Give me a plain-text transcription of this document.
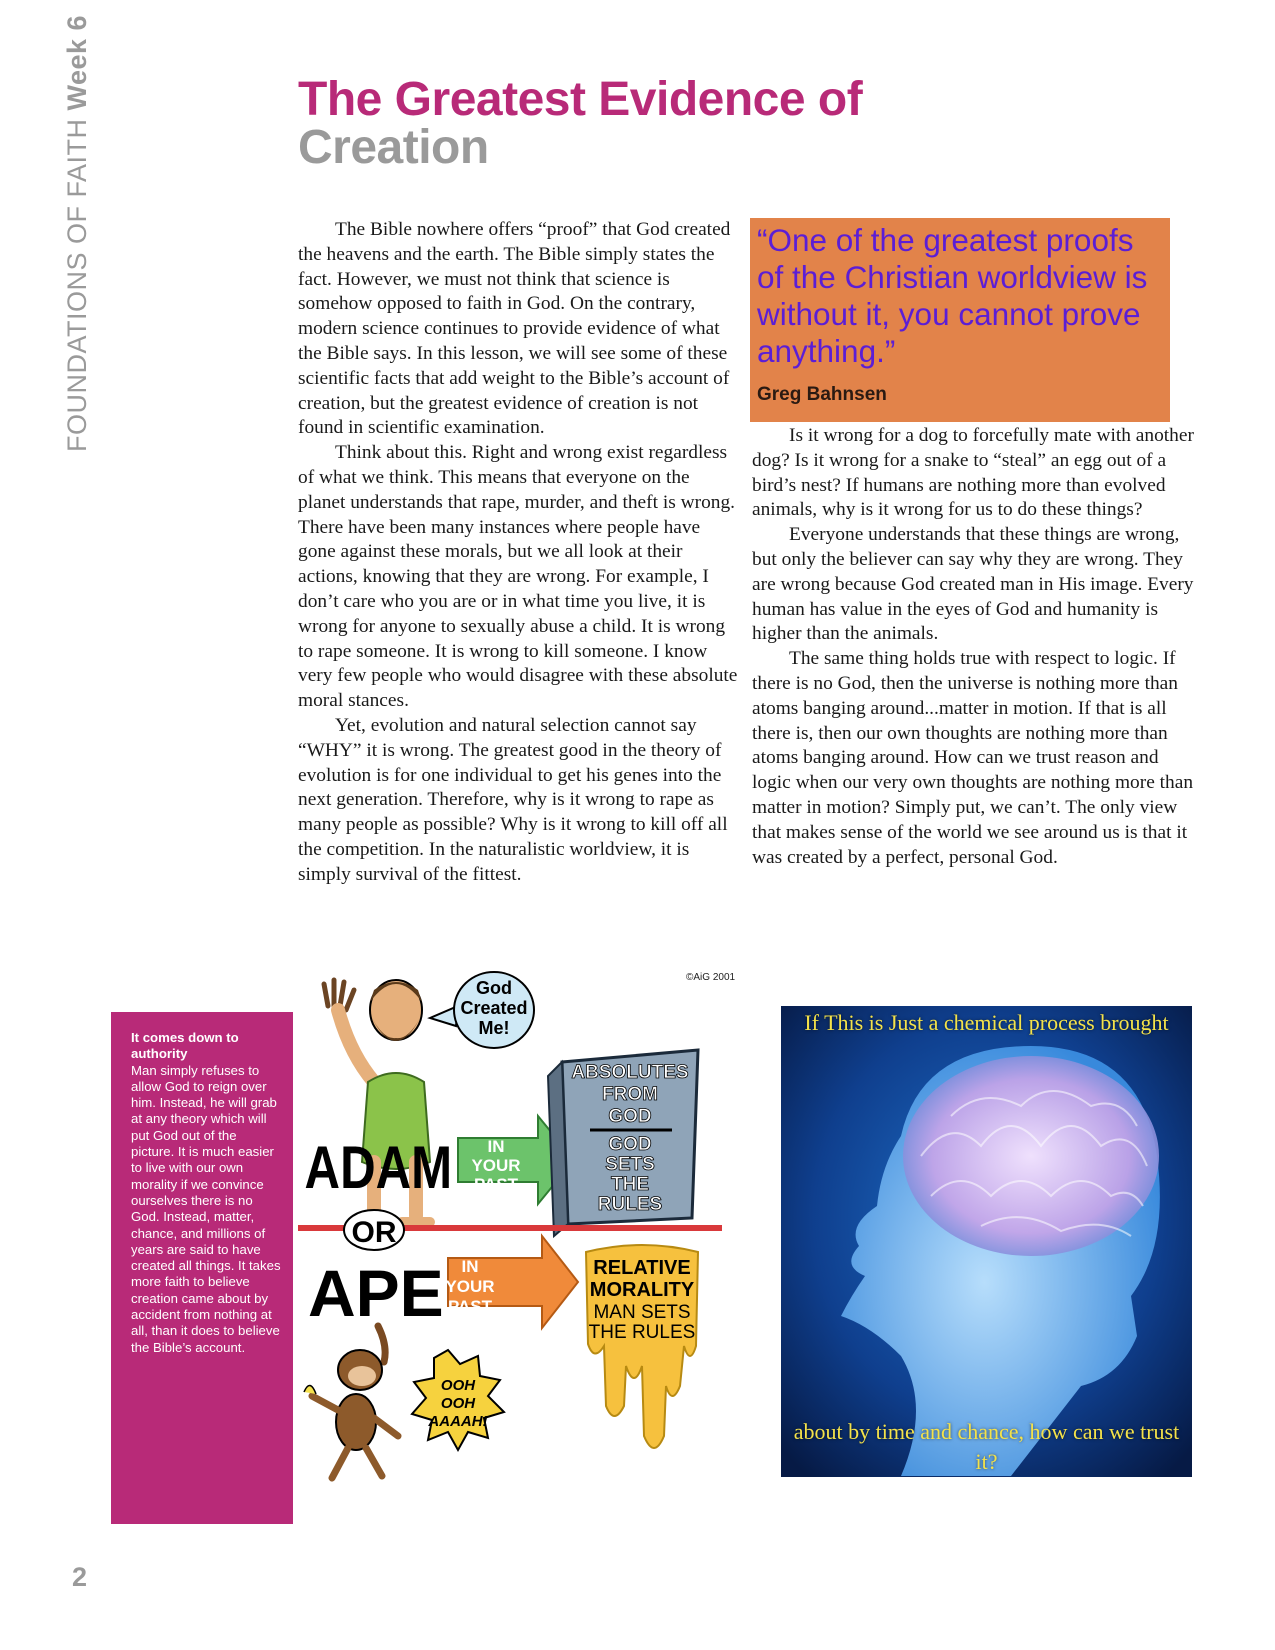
FOUNDATIONS OF FAITHWeek 6	The Greatest Evidence of
Creation

The Bible nowhere offers “proof” that God created the heavens and the earth. The Bible simply states the fact. However, we must not think that science is somehow opposed to faith in God. On the contrary, modern science continues to provide evidence of what the Bible says. In this lesson, we will see some of these scientific facts that add weight to the Bible’s account of creation, but the greatest evidence of creation is not found in scientific examination.

Think about this. Right and wrong exist regardless of what we think. This means that everyone on the planet understands that rape, murder, and theft is wrong. There have been many instances where people have gone against these morals, but we all look at their actions, knowing that they are wrong. For example, I don’t care who you are or in what time you live, it is wrong for anyone to sexually abuse a child. It is wrong to rape someone. It is wrong to kill someone. I know very few people who would disagree with these absolute moral stances.

Yet, evolution and natural selection cannot say “WHY” it is wrong. The greatest good in the theory of evolution is for one individual to get his genes into the next generation. Therefore, why is it wrong to rape as many people as possible? Why is it wrong to kill off all the competition. In the naturalistic worldview, it is simply survival of the fittest.

“One of the greatest proofs of the Christian worldview is without it, you cannot prove anything.”
Greg Bahnsen

Is it wrong for a dog to forcefully mate with another dog? Is it wrong for a snake to “steal” an egg out of a bird’s nest? If humans are nothing more than evolved animals, why is it wrong for us to do these things?

Everyone understands that these things are wrong, but only the believer can say why they are wrong. They are wrong because God created man in His image. Every human has value in the eyes of God and humanity is higher than the animals.

The same thing holds true with respect to logic. If there is no God, then the universe is nothing more than atoms banging around...matter in motion. If that is all there is, then our own thoughts are nothing more than atoms banging around. How can we trust reason and logic when our very own thoughts are nothing more than matter in motion? Simply put, we can’t. The only view that makes sense of the world we see around us is that it was created by a perfect, personal God.

It comes down to authority
Man simply refuses to allow God to reign over him. Instead, he will grab at any theory which will put God out of the picture. It is much easier to live with our own morality if we convince ourselves there is no God. Instead, matter, chance, and millions of years are said to have created all things. It takes more faith to believe creation came about by accident from nothing at all, than it does to believe the Bible’s account.
©AiG 2001
God
Created
Me!
ADAM IN
YOUR
PAST
ABSOLUTES
FROM
GOD
GOD
SETS
THE
RULES
OR
APE IN
YOUR
PAST
RELATIVE
MORALITY
MAN SETS
THE RULES
OOH
OOH
AAAAH!
If This is Just a chemical process brought
about by time and chance, how can we trust it?
2
